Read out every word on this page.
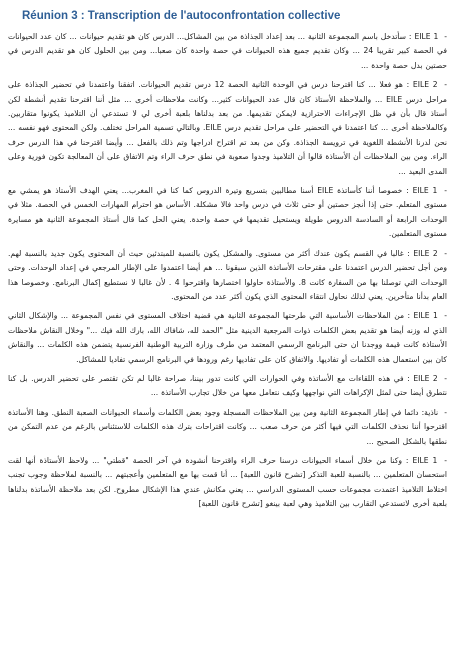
Réunion 3 : Transcription de l'autoconfrontation collective

- EILE 1 : سأتدخل باسم المجموعة الثانية ... بعد إعداد الجذاذة من بين المشاكل... الدرس كان هو تقديم حيوانات ... كان عدد الحيوانات في الحصة كبير تقريبا 24 ... وكان تقديم جميع هذه الحيوانات في حصة واحدة كان صعبا... ومن بين الحلول كان هو تقديم الدرس في حصتين بدل حصة واحدة ...

- EILE 2 : هو فعلا ... كنا اقترحنا درس في الوحدة الثانية الحصة 12 درس تقديم الحيوانات. اتفقنا واعتمدنا في تحضير الجذاذة على مراحل درس EILE ... والملاحظة الأستاذ كان قال عدد الحيوانات كثير... وكانت ملاحظات أخرى ... مثل أننا اقترحنا تقديم أنشطة لكن أستاذ قال بأن في ظل الإجراءات الاحترازية لايمكن تقديمها. من بعد بدلناها بلعبة أخرى لي لا تستدعي أن التلاميذ يكونوا متقاربين. وكالملاحظة أخرى ... كنا اعتمدنا في التحضير على مراحل تقديم درس EILE. وبالتالي تسمية المراحل تختلف. ولكن المحتوى فهو نفسه ... نحن لدرنا الأنشطة اللغوية في ترويسة الجذاذة. وكن من بعد تم اقتراح ادراجها وتم ذلك بالفعل ... وأيضا اقترحنا في هذا الدرس حرف الراء. ومن بين الملاحظات أن الأستاذة قالوا أن التلاميذ وجدوا صعوبة في نطق حرف الراء وتم الاتفاق على أن المعالجة تكون فورية وعلى المدى البعيد ...

- EILE 1 : خصوصا أننا كأساتذة EILE أسنا مطالبين بتسريع وتيرة الدروس كما كنا في المغرب... يعني الهدف الأستاذ هو يمشي مع مستوى المتعلم. حتى إذا أنجز حصتين أو حتى ثلاث في درس واحد فالا مشكلة. الأساس هو احترام المهارات الخمس في الحصة. مثلا في الوحدات الرابعة أو السادسة الدروس طويلة ويستحيل تقديمها في حصة واحدة. يعني الحل كما قال أستاذ المجموعة الثانية هو مسايرة مستوى المتعلمين.

- EILE 2 : غالبا في القسم يكون عندك أكثر من مستوى. والمشكل يكون بالنسبة للمبتدئين حيث أن المحتوى يكون جديد بالنسبة لهم. ومن أجل تحضير الدرس اعتمدنا على مقترحات الأساتذة الذين سبقونا ... هم أيضا اعتمدوا على الإطار المرجعي في إعداد الوحدات. وحتى الوحدات التي توصلنا بها من السفارة كانت 8. والأستاذة حاولوا اختصارها واقترحوا 4 . لأن غالبا لا نستطيع إكمال البرنامج. وخصوصا هذا العام بدأنا متأخرين. يعني لذلك نحاول انتقاء المحتوى الذي يكون أكثر عدد من المحتوى.

- EILE 1 : من الملاحظات الأساسية التي طرحتها المجموعة الثانية هي قضية اختلاف المستوى في نفس المجموعة ... والإشكال الثاني الذي له وزنه أيضا هو تقديم بعض الكلمات ذوات المرجعية الدينية مثل "الحمد لله، شافاك الله، بارك الله فيك ..." وخلال النقاش ملاحظات الأستاذة كانت قيمة ووجدنا ان حتى البرنامج الرسمي المعتمد من طرف وزارة التربية الوطنية الفرنسية يتضمن هذه الكلمات ... والنقاش كان بين استعمال هذه الكلمات أو تفاديها. والاتفاق كان على تفاديها رغم ورودها في البرنامج الرسمي تفاديا للمشاكل.

- EILE 2 : في هذه اللقاءات مع الأساتذة وفي الحوارات التي كانت تدور بيننا، صراحة غالبا لم تكن تقتصر على تحضير الدرس. بل كنا نتطرق أيضا حتى لمثل الإكراهات التي نواجهها وكيف نتعامل معها من خلال تجارب الأساتذة ...

- ناذية: دائما في إطار المجموعة الثانية ومن بين الملاحظات المسجلة وجود بعض الكلمات وأسماء الحيوانات الصعبة النطق. وهنا الأساتذة اقترحوا أننا نحذف الكلمات التي فيها أكثر من حرف صعب ... وكانت اقتراحات بترك هذه الكلمات للاستئناس بالرغم من عدم التمكن من نطقها بالشكل الصحيح ...

- EILE 1 : وكنا من خلال أسماء الحيوانات درسنا حرف الراء واقترحنا أنشودة في آخر الحصة "قطتي" ... ولاحظ الأستاذة أنها لقت استحسان المتعلمين ... بالنسبة للعبة التذكر [تشرح قانون اللعبة] ... أنا قمت بها مع المتعلمين وأعجبتهم ... بالنسبة لملاحظة وجوب تجنب اختلاط التلاميذ اعتمدت مجموعات حسب المستوى الدراسي ... يعني مكانش عندي هذا الإشكال مطروح. لكن بعد ملاحظة الأساتذة بدلناها بلعبة أخرى لاتستدعي التقارب بين التلاميذ وهي لعبة بينغو [تشرح قانون اللعبة]
